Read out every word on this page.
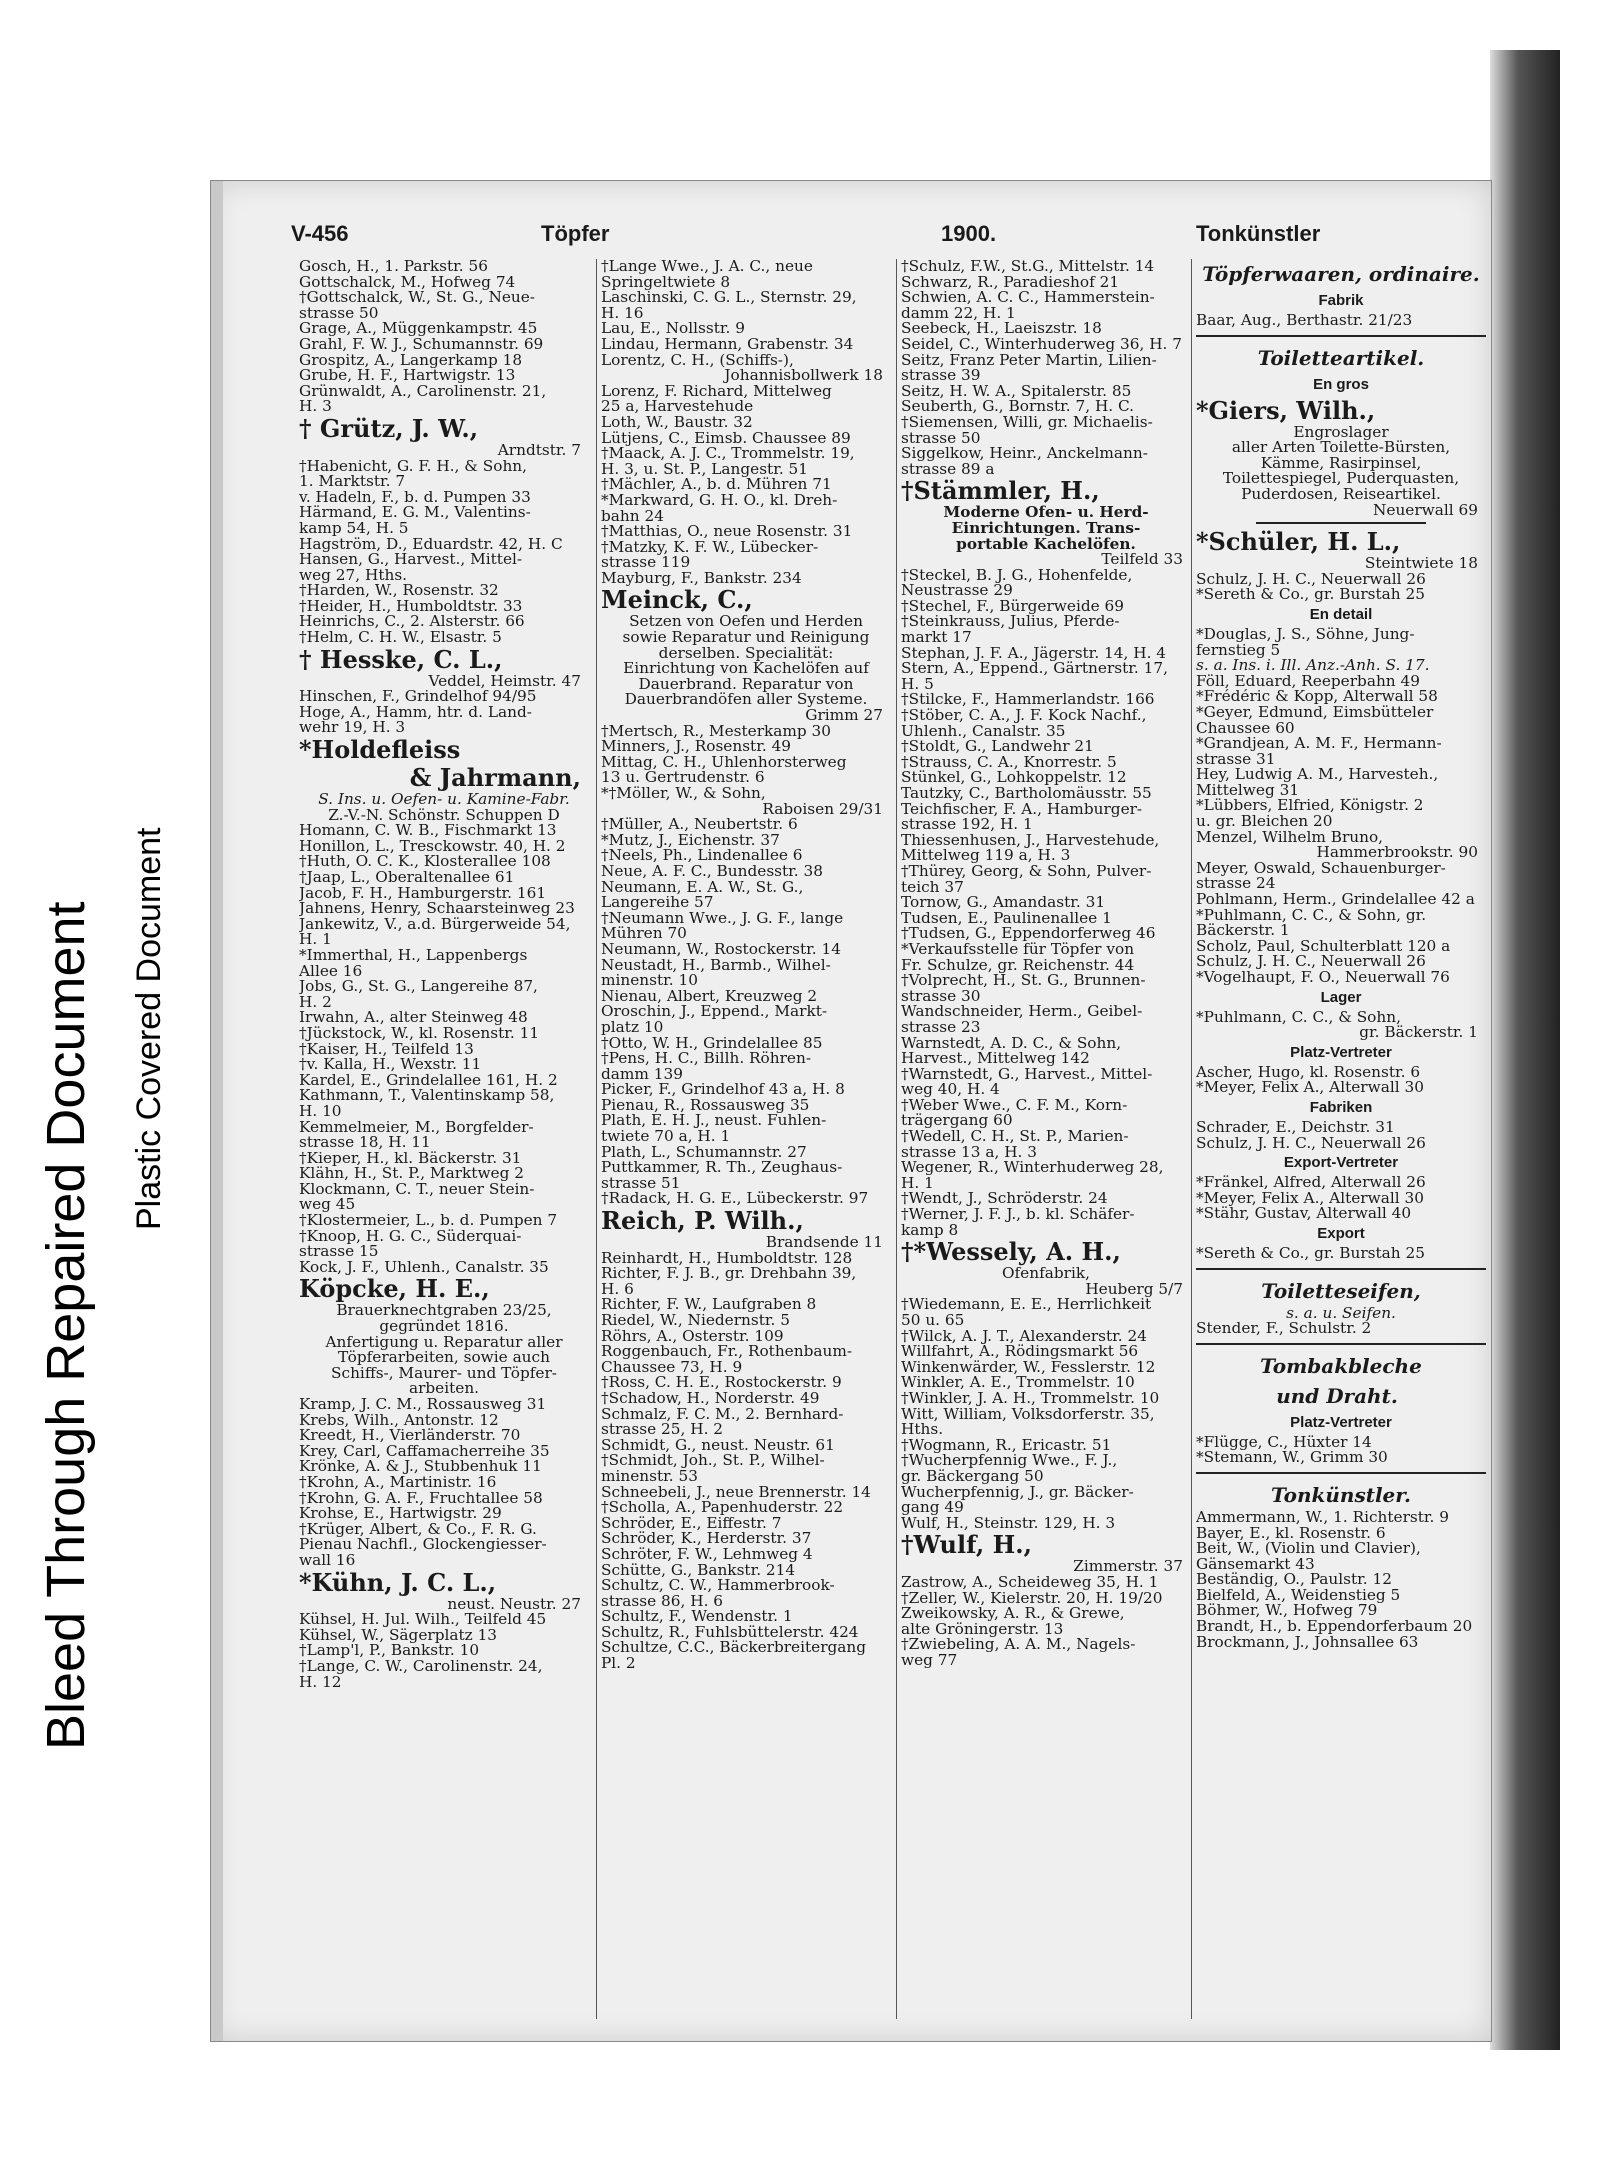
Bleed Through Repaired Document Plastic Covered Document
V-456	Töpfer	1900.	Tonkünstler
Gosch, H., 1. Parkstr. 56
Gottschalck, M., Hofweg 74
†Gottschalck, W., St. G., Neue-
strasse 50
Grage, A., Müggenkampstr. 45
Grahl, F. W. J., Schumannstr. 69
Grospitz, A., Langerkamp 18
Grube, H. F., Hartwigstr. 13
Grünwaldt, A., Carolinenstr. 21,
H. 3
† Grütz, J. W.,
Arndtstr. 7
†Habenicht, G. F. H., & Sohn,
1. Marktstr. 7
v. Hadeln, F., b. d. Pumpen 33
Härmand, E. G. M., Valentins-
kamp 54, H. 5
Hagström, D., Eduardstr. 42, H. C
Hansen, G., Harvest., Mittel-
weg 27, Hths.
†Harden, W., Rosenstr. 32
†Heider, H., Humboldtstr. 33
Heinrichs, C., 2. Alsterstr. 66
†Helm, C. H. W., Elsastr. 5
† Hesske, C. L.,
Veddel, Heimstr. 47
Hinschen, F., Grindelhof 94/95
Hoge, A., Hamm, htr. d. Land-
wehr 19, H. 3
*Holdefleiss
& Jahrmann,
S. Ins. u. Oefen- u. Kamine-Fabr.
Z.-V.-N. Schönstr. Schuppen D
Homann, C. W. B., Fischmarkt 13
Honillon, L., Tresckowstr. 40, H. 2
†Huth, O. C. K., Klosterallee 108
†Jaap, L., Oberaltenallee 61
Jacob, F. H., Hamburgerstr. 161
Jahnens, Henry, Schaarsteinweg 23
Jankewitz, V., a.d. Bürgerweide 54,
H. 1
*Immerthal, H., Lappenbergs
Allee 16
Jobs, G., St. G., Langereihe 87,
H. 2
Irwahn, A., alter Steinweg 48
†Jückstock, W., kl. Rosenstr. 11
†Kaiser, H., Teilfeld 13
†v. Kalla, H., Wexstr. 11
Kardel, E., Grindelallee 161, H. 2
Kathmann, T., Valentinskamp 58,
H. 10
Kemmelmeier, M., Borgfelder-
strasse 18, H. 11
†Kieper, H., kl. Bäckerstr. 31
Klähn, H., St. P., Marktweg 2
Klockmann, C. T., neuer Stein-
weg 45
†Klostermeier, L., b. d. Pumpen 7
†Knoop, H. G. C., Süderquai-
strasse 15
Kock, J. F., Uhlenh., Canalstr. 35
Köpcke, H. E.,
Brauerknechtgraben 23/25,
gegründet 1816.
Anfertigung u. Reparatur aller
Töpferarbeiten, sowie auch
Schiffs-, Maurer- und Töpfer-
arbeiten.
Kramp, J. C. M., Rossausweg 31
Krebs, Wilh., Antonstr. 12
Kreedt, H., Vierländerstr. 70
Krey, Carl, Caffamacherreihe 35
Krönke, A. & J., Stubbenhuk 11
†Krohn, A., Martinistr. 16
†Krohn, G. A. F., Fruchtallee 58
Krohse, E., Hartwigstr. 29
†Krüger, Albert, & Co., F. R. G.
Pienau Nachfl., Glockengiesser-
wall 16
*Kühn, J. C. L.,
neust. Neustr. 27
Kühsel, H. Jul. Wilh., Teilfeld 45
Kühsel, W., Sägerplatz 13
†Lamp'l, P., Bankstr. 10
†Lange, C. W., Carolinenstr. 24,
H. 12
†Lange Wwe., J. A. C., neue
Springeltwiete 8
Laschinski, C. G. L., Sternstr. 29,
H. 16
Lau, E., Nollsstr. 9
Lindau, Hermann, Grabenstr. 34
Lorentz, C. H., (Schiffs-),
Johannisbollwerk 18
Lorenz, F. Richard, Mittelweg
25 a, Harvestehude
Loth, W., Baustr. 32
Lütjens, C., Eimsb. Chaussee 89
†Maack, A. J. C., Trommelstr. 19,
H. 3, u. St. P., Langestr. 51
†Mächler, A., b. d. Mühren 71
*Markward, G. H. O., kl. Dreh-
bahn 24
†Matthias, O., neue Rosenstr. 31
†Matzky, K. F. W., Lübecker-
strasse 119
Mayburg, F., Bankstr. 234
Meinck, C.,
Setzen von Oefen und Herden
sowie Reparatur und Reinigung
derselben. Specialität:
Einrichtung von Kachelöfen auf
Dauerbrand. Reparatur von
Dauerbrandöfen aller Systeme.
Grimm 27
†Mertsch, R., Mesterkamp 30
Minners, J., Rosenstr. 49
Mittag, C. H., Uhlenhorsterweg
13 u. Gertrudenstr. 6
*†Möller, W., & Sohn,
Raboisen 29/31
†Müller, A., Neubertstr. 6
*Mutz, J., Eichenstr. 37
†Neels, Ph., Lindenallee 6
Neue, A. F. C., Bundesstr. 38
Neumann, E. A. W., St. G.,
Langereihe 57
†Neumann Wwe., J. G. F., lange
Mühren 70
Neumann, W., Rostockerstr. 14
Neustadt, H., Barmb., Wilhel-
minenstr. 10
Nienau, Albert, Kreuzweg 2
Oroschin, J., Eppend., Markt-
platz 10
†Otto, W. H., Grindelallee 85
†Pens, H. C., Billh. Röhren-
damm 139
Picker, F., Grindelhof 43 a, H. 8
Pienau, R., Rossausweg 35
Plath, E. H. J., neust. Fuhlen-
twiete 70 a, H. 1
Plath, L., Schumannstr. 27
Puttkammer, R. Th., Zeughaus-
strasse 51
†Radack, H. G. E., Lübeckerstr. 97
Reich, P. Wilh.,
Brandsende 11
Reinhardt, H., Humboldtstr. 128
Richter, F. J. B., gr. Drehbahn 39,
H. 6
Richter, F. W., Laufgraben 8
Riedel, W., Niedernstr. 5
Röhrs, A., Osterstr. 109
Roggenbauch, Fr., Rothenbaum-
Chaussee 73, H. 9
†Ross, C. H. E., Rostockerstr. 9
†Schadow, H., Norderstr. 49
Schmalz, F. C. M., 2. Bernhard-
strasse 25, H. 2
Schmidt, G., neust. Neustr. 61
†Schmidt, Joh., St. P., Wilhel-
minenstr. 53
Schneebeli, J., neue Brennerstr. 14
†Scholla, A., Papenhuderstr. 22
Schröder, E., Eiffestr. 7
Schröder, K., Herderstr. 37
Schröter, F. W., Lehmweg 4
Schütte, G., Bankstr. 214
Schultz, C. W., Hammerbrook-
strasse 86, H. 6
Schultz, F., Wendenstr. 1
Schultz, R., Fuhlsbüttelerstr. 424
Schultze, C.C., Bäckerbreitergang
Pl. 2
†Schulz, F.W., St.G., Mittelstr. 14
Schwarz, R., Paradieshof 21
Schwien, A. C. C., Hammerstein-
damm 22, H. 1
Seebeck, H., Laeiszstr. 18
Seidel, C., Winterhuderweg 36, H. 7
Seitz, Franz Peter Martin, Lilien-
strasse 39
Seitz, H. W. A., Spitalerstr. 85
Seuberth, G., Bornstr. 7, H. C.
†Siemensen, Willi, gr. Michaelis-
strasse 50
Siggelkow, Heinr., Anckelmann-
strasse 89 a
†Stämmler, H.,
Moderne Ofen- u. Herd-
Einrichtungen. Trans-
portable Kachelöfen.
Teilfeld 33
†Steckel, B. J. G., Hohenfelde,
Neustrasse 29
†Stechel, F., Bürgerweide 69
†Steinkrauss, Julius, Pferde-
markt 17
Stephan, J. F. A., Jägerstr. 14, H. 4
Stern, A., Eppend., Gärtnerstr. 17,
H. 5
†Stilcke, F., Hammerlandstr. 166
†Stöber, C. A., J. F. Kock Nachf.,
Uhlenh., Canalstr. 35
†Stoldt, G., Landwehr 21
†Strauss, C. A., Knorrestr. 5
Stünkel, G., Lohkoppelstr. 12
Tautzky, C., Bartholomäusstr. 55
Teichfischer, F. A., Hamburger-
strasse 192, H. 1
Thiessenhusen, J., Harvestehude,
Mittelweg 119 a, H. 3
†Thürey, Georg, & Sohn, Pulver-
teich 37
Tornow, G., Amandastr. 31
Tudsen, E., Paulinenallee 1
†Tudsen, G., Eppendorferweg 46
*Verkaufsstelle für Töpfer von
Fr. Schulze, gr. Reichenstr. 44
†Volprecht, H., St. G., Brunnen-
strasse 30
Wandschneider, Herm., Geibel-
strasse 23
Warnstedt, A. D. C., & Sohn,
Harvest., Mittelweg 142
†Warnstedt, G., Harvest., Mittel-
weg 40, H. 4
†Weber Wwe., C. F. M., Korn-
trägergang 60
†Wedell, C. H., St. P., Marien-
strasse 13 a, H. 3
Wegener, R., Winterhuderweg 28,
H. 1
†Wendt, J., Schröderstr. 24
†Werner, J. F. J., b. kl. Schäfer-
kamp 8
†*Wessely, A. H.,
Ofenfabrik,
Heuberg 5/7
†Wiedemann, E. E., Herrlichkeit
50 u. 65
†Wilck, A. J. T., Alexanderstr. 24
Willfahrt, A., Rödingsmarkt 56
Winkenwärder, W., Fesslerstr. 12
Winkler, A. E., Trommelstr. 10
†Winkler, J. A. H., Trommelstr. 10
Witt, William, Volksdorferstr. 35,
Hths.
†Wogmann, R., Ericastr. 51
†Wucherpfennig Wwe., F. J.,
gr. Bäckergang 50
Wucherpfennig, J., gr. Bäcker-
gang 49
Wulf, H., Steinstr. 129, H. 3
†Wulf, H.,
Zimmerstr. 37
Zastrow, A., Scheideweg 35, H. 1
†Zeller, W., Kielerstr. 20, H. 19/20
Zweikowsky, A. R., & Grewe,
alte Gröningerstr. 13
†Zwiebeling, A. A. M., Nagels-
weg 77
Töpferwaaren, ordinaire.
Fabrik
Baar, Aug., Berthastr. 21/23
Toiletteartikel.
En gros
*Giers, Wilh.,
Engroslager
aller Arten Toilette-Bürsten,
Kämme, Rasirpinsel,
Toilettespiegel, Puderquasten,
Puderdosen, Reiseartikel.
Neuerwall 69
*Schüler, H. L.,
Steintwiete 18
Schulz, J. H. C., Neuerwall 26
*Sereth & Co., gr. Burstah 25
En detail
*Douglas, J. S., Söhne, Jung-
fernstieg 5
s. a. Ins. i. Ill. Anz.-Anh. S. 17.
Föll, Eduard, Reeperbahn 49
*Frédéric & Kopp, Alterwall 58
*Geyer, Edmund, Eimsbütteler
Chaussee 60
*Grandjean, A. M. F., Hermann-
strasse 31
Hey, Ludwig A. M., Harvesteh.,
Mittelweg 31
*Lübbers, Elfried, Königstr. 2
u. gr. Bleichen 20
Menzel, Wilhelm Bruno,
Hammerbrookstr. 90
Meyer, Oswald, Schauenburger-
strasse 24
Pohlmann, Herm., Grindelallee 42 a
*Puhlmann, C. C., & Sohn, gr.
Bäckerstr. 1
Scholz, Paul, Schulterblatt 120 a
Schulz, J. H. C., Neuerwall 26
*Vogelhaupt, F. O., Neuerwall 76
Lager
*Puhlmann, C. C., & Sohn,
gr. Bäckerstr. 1
Platz-Vertreter
Ascher, Hugo, kl. Rosenstr. 6
*Meyer, Felix A., Alterwall 30
Fabriken
Schrader, E., Deichstr. 31
Schulz, J. H. C., Neuerwall 26
Export-Vertreter
*Fränkel, Alfred, Alterwall 26
*Meyer, Felix A., Alterwall 30
*Stähr, Gustav, Alterwall 40
Export
*Sereth & Co., gr. Burstah 25
Toiletteseifen,
s. a. u. Seifen.
Stender, F., Schulstr. 2
Tombakbleche
und Draht.
Platz-Vertreter
*Flügge, C., Hüxter 14
*Stemann, W., Grimm 30
Tonkünstler.
Ammermann, W., 1. Richterstr. 9
Bayer, E., kl. Rosenstr. 6
Beit, W., (Violin und Clavier),
Gänsemarkt 43
Beständig, O., Paulstr. 12
Bielfeld, A., Weidenstieg 5
Böhmer, W., Hofweg 79
Brandt, H., b. Eppendorferbaum 20
Brockmann, J., Johnsallee 63
